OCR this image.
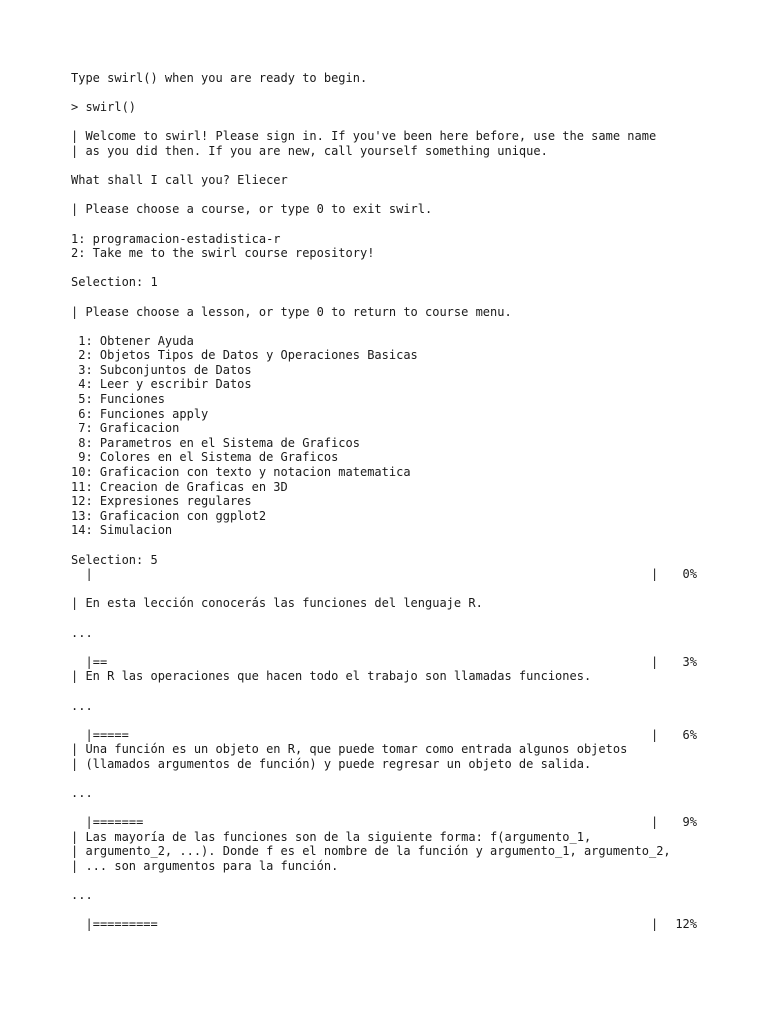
Type swirl() when you are ready to begin.
> swirl()
| Welcome to swirl! Please sign in. If you've been here before, use the same name
| as you did then. If you are new, call yourself something unique.
What shall I call you? Eliecer
| Please choose a course, or type 0 to exit swirl.
1: programacion-estadistica-r
2: Take me to the swirl course repository!
Selection: 1
| Please choose a lesson, or type 0 to return to course menu.
1: Obtener Ayuda
2: Objetos Tipos de Datos y Operaciones Basicas
3: Subconjuntos de Datos
4: Leer y escribir Datos
5: Funciones
6: Funciones apply
7: Graficacion
8: Parametros en el Sistema de Graficos
9: Colores en el Sistema de Graficos
10: Graficacion con texto y notacion matematica
11: Creacion de Graficas en 3D
12: Expresiones regulares
13: Graficacion con ggplot2
14: Simulacion
Selection: 5
|	| 0%
| En esta lección conocerás las funciones del lenguaje R.
...
|==	| 3%
| En R las operaciones que hacen todo el trabajo son llamadas funciones.
...
|=====	| 6%
| Una función es un objeto en R, que puede tomar como entrada algunos objetos
| (llamados argumentos de función) y puede regresar un objeto de salida.
...
|=======	| 9%
| Las mayoría de las funciones son de la siguiente forma: f(argumento_1,
| argumento_2, ...). Donde f es el nombre de la función y argumento_1, argumento_2,
| ... son argumentos para la función.
...
|=========	| 12%
